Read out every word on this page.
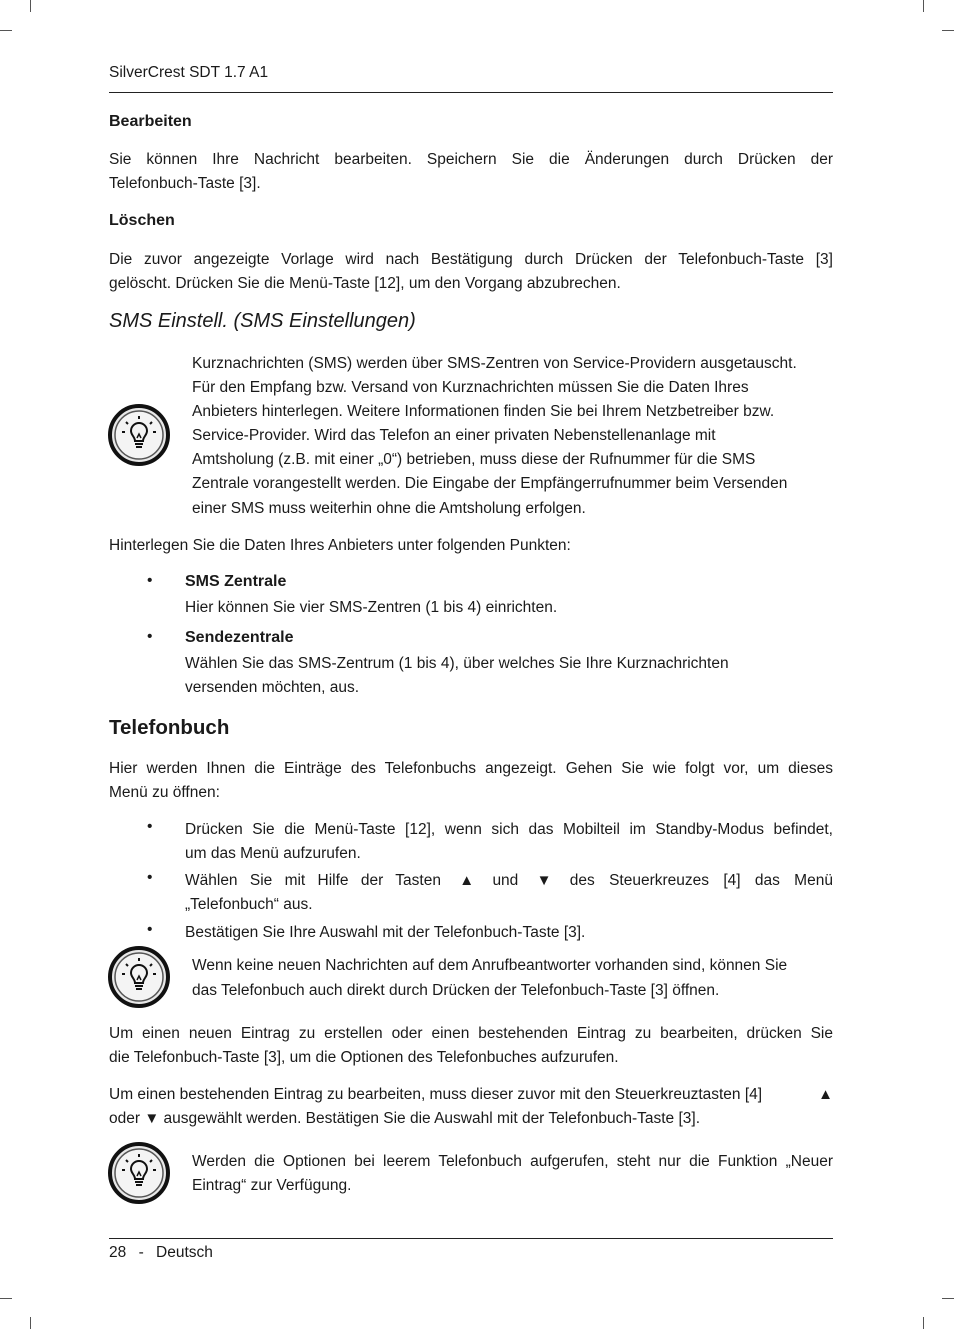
SilverCrest SDT 1.7 A1
Bearbeiten
Sie können Ihre Nachricht bearbeiten. Speichern Sie die Änderungen durch Drücken der
Telefonbuch-Taste [3].
Löschen
Die zuvor angezeigte Vorlage wird nach Bestätigung durch Drücken der Telefonbuch-Taste [3]
gelöscht. Drücken Sie die Menü-Taste [12], um den Vorgang abzubrechen.
SMS Einstell. (SMS Einstellungen)
Kurznachrichten (SMS) werden über SMS-Zentren von Service-Providern ausgetauscht.
Für den Empfang bzw. Versand von Kurznachrichten müssen Sie die Daten Ihres
Anbieters hinterlegen. Weitere Informationen finden Sie bei Ihrem Netzbetreiber bzw.
Service-Provider. Wird das Telefon an einer privaten Nebenstellenanlage mit
Amtsholung (z.B. mit einer „0“) betrieben, muss diese der Rufnummer für die SMS
Zentrale vorangestellt werden. Die Eingabe der Empfängerrufnummer beim Versenden
einer SMS muss weiterhin ohne die Amtsholung erfolgen.
Hinterlegen Sie die Daten Ihres Anbieters unter folgenden Punkten:
• SMS Zentrale
Hier können Sie vier SMS-Zentren (1 bis 4) einrichten.
• Sendezentrale
Wählen Sie das SMS-Zentrum (1 bis 4), über welches Sie Ihre Kurznachrichten
versenden möchten, aus.
Telefonbuch
Hier werden Ihnen die Einträge des Telefonbuchs angezeigt. Gehen Sie wie folgt vor, um dieses
Menü zu öffnen:
• Drücken Sie die Menü-Taste [12], wenn sich das Mobilteil im Standby-Modus befindet,
um das Menü aufzurufen.
• Wählen Sie mit Hilfe der Tasten ▲ und ▼ des Steuerkreuzes [4] das Menü
„Telefonbuch“ aus.
• Bestätigen Sie Ihre Auswahl mit der Telefonbuch-Taste [3].
Wenn keine neuen Nachrichten auf dem Anrufbeantworter vorhanden sind, können Sie
das Telefonbuch auch direkt durch Drücken der Telefonbuch-Taste [3] öffnen.
Um einen neuen Eintrag zu erstellen oder einen bestehenden Eintrag zu bearbeiten, drücken Sie
die Telefonbuch-Taste [3], um die Optionen des Telefonbuches aufzurufen.
Um einen bestehenden Eintrag zu bearbeiten, muss dieser zuvor mit den Steuerkreuztasten [4]	▲
oder ▼ ausgewählt werden. Bestätigen Sie die Auswahl mit der Telefonbuch-Taste [3].
Werden die Optionen bei leerem Telefonbuch aufgerufen, steht nur die Funktion „Neuer
Eintrag“ zur Verfügung.
28 - Deutsch
